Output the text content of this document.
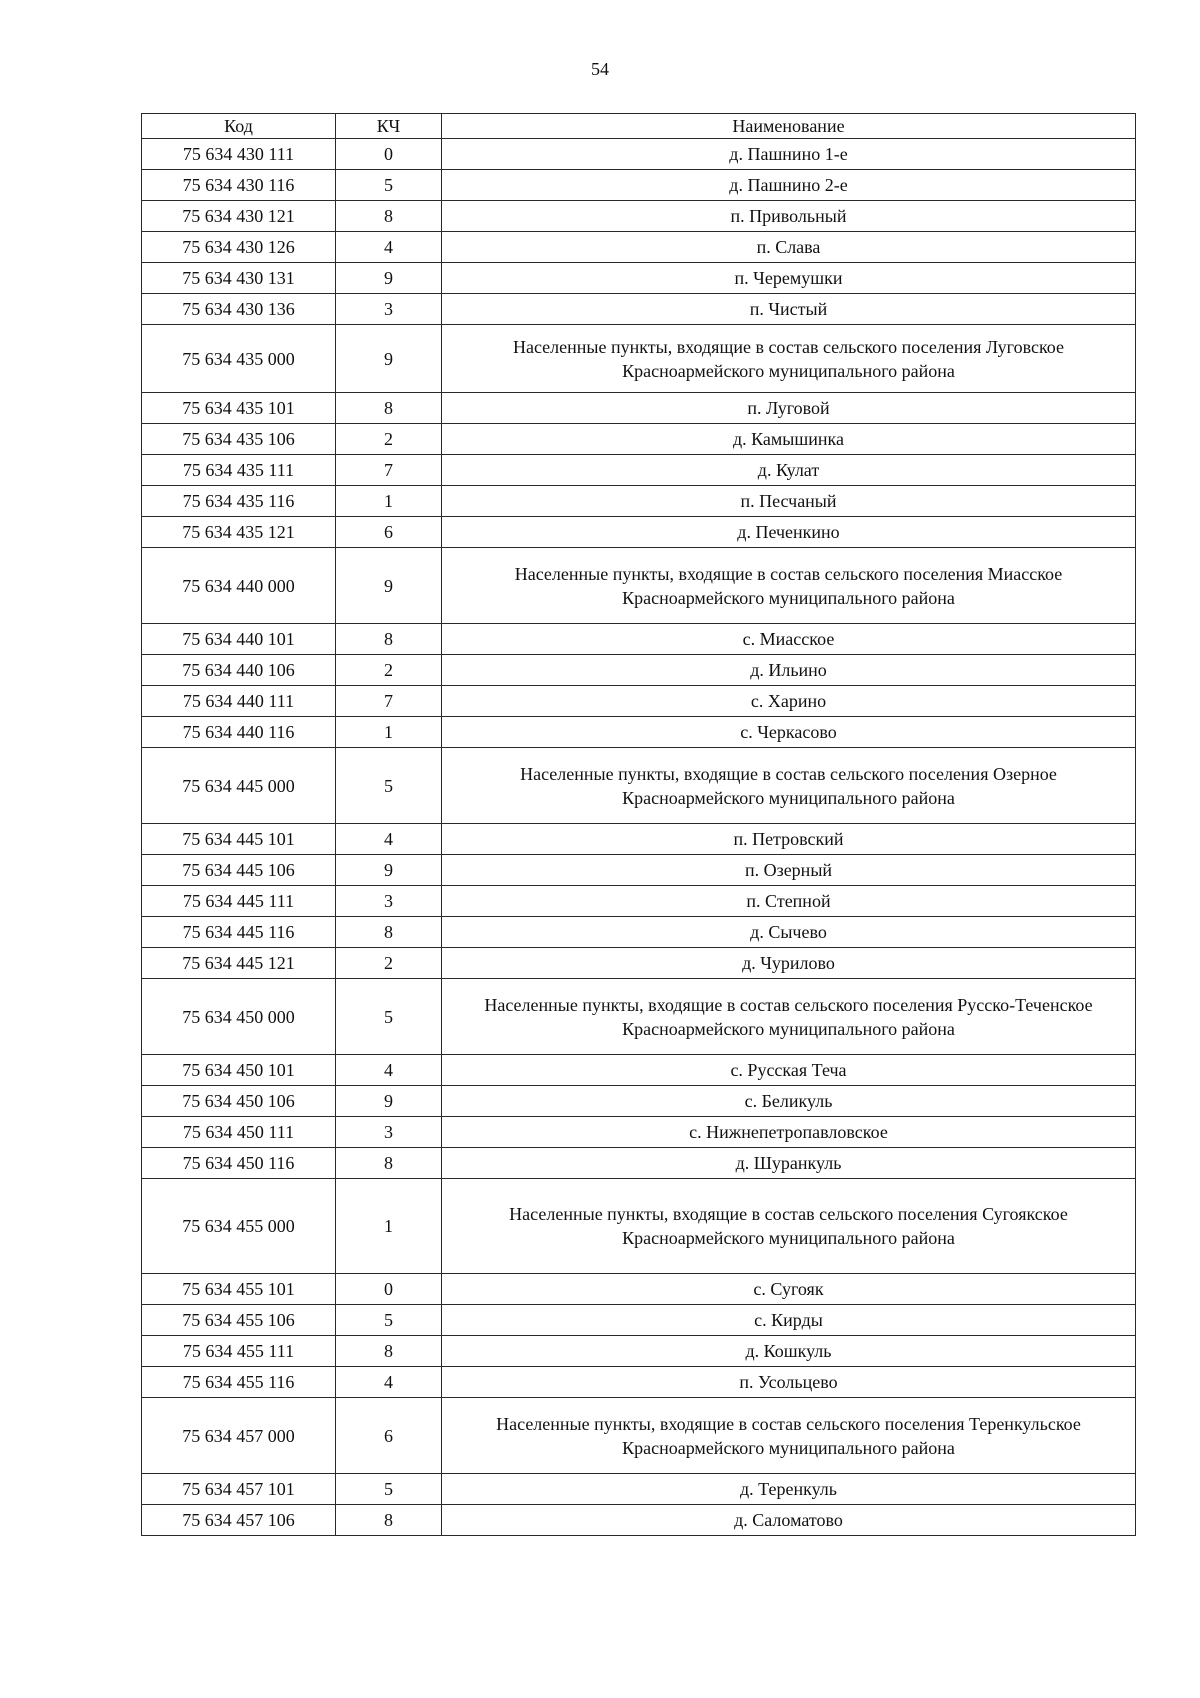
54
Код	КЧ	Наименование
75 634 430 111	0	д. Пашнино 1-е
75 634 430 116	5	д. Пашнино 2-е
75 634 430 121	8	п. Привольный
75 634 430 126	4	п. Слава
75 634 430 131	9	п. Черемушки
75 634 430 136	3	п. Чистый
75 634 435 000	9	Населенные пункты, входящие в состав сельского поселения Луговское Красноармейского муниципального района
75 634 435 101	8	п. Луговой
75 634 435 106	2	д. Камышинка
75 634 435 111	7	д. Кулат
75 634 435 116	1	п. Песчаный
75 634 435 121	6	д. Печенкино
75 634 440 000	9	Населенные пункты, входящие в состав сельского поселения Миасское Красноармейского муниципального района
75 634 440 101	8	с. Миасское
75 634 440 106	2	д. Ильино
75 634 440 111	7	с. Харино
75 634 440 116	1	с. Черкасово
75 634 445 000	5	Населенные пункты, входящие в состав сельского поселения Озерное Красноармейского муниципального района
75 634 445 101	4	п. Петровский
75 634 445 106	9	п. Озерный
75 634 445 111	3	п. Степной
75 634 445 116	8	д. Сычево
75 634 445 121	2	д. Чурилово
75 634 450 000	5	Населенные пункты, входящие в состав сельского поселения Русско-Теченское Красноармейского муниципального района
75 634 450 101	4	с. Русская Теча
75 634 450 106	9	с. Беликуль
75 634 450 111	3	с. Нижнепетропавловское
75 634 450 116	8	д. Шуранкуль
75 634 455 000	1	Населенные пункты, входящие в состав сельского поселения Сугоякское Красноармейского муниципального района
75 634 455 101	0	с. Сугояк
75 634 455 106	5	с. Кирды
75 634 455 111	8	д. Кошкуль
75 634 455 116	4	п. Усольцево
75 634 457 000	6	Населенные пункты, входящие в состав сельского поселения Теренкульское Красноармейского муниципального района
75 634 457 101	5	д. Теренкуль
75 634 457 106	8	д. Саломатово
